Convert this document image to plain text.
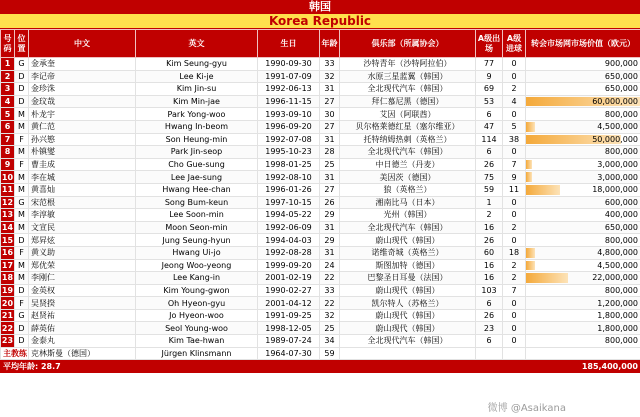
韩国
Korea Republic
号码	位置	中文	英文	生日	年龄	俱乐部（所属协会）	A级出场	A级进球	转会市场网市场价值（欧元）
1	G	金承奎	Kim Seung-gyu	1990-09-30	33	沙特青年（沙特阿拉伯）	77	0	900,000
2	D	李记帝	Lee Ki-je	1991-07-09	32	水原三星蓝翼（韩国）	9	0	650,000
3	D	金珍洙	Kim Jin-su	1992-06-13	31	全北现代汽车（韩国）	69	2	650,000
4	D	金玟哉	Kim Min-jae	1996-11-15	27	拜仁慕尼黑（德国）	53	4	60,000,000
5	M	朴龙宇	Park Yong-woo	1993-09-10	30	艾因（阿联酋）	6	0	800,000
6	M	黄仁范	Hwang In-beom	1996-09-20	27	贝尔格莱德红星（塞尔维亚）	47	5	4,500,000
7	F	孙兴慜	Son Heung-min	1992-07-08	31	托特纳姆热刺（英格兰）	114	38	50,000,000
8	M	朴镇燮	Park Jin-seop	1995-10-23	28	全北现代汽车（韩国）	6	0	800,000
9	F	曹圭成	Cho Gue-sung	1998-01-25	25	中日德兰（丹麦）	26	7	3,000,000
10	M	李在城	Lee Jae-sung	1992-08-10	31	美因茨（德国）	75	9	3,000,000
11	M	黄喜灿	Hwang Hee-chan	1996-01-26	27	狼（英格兰）	59	11	18,000,000
12	G	宋范根	Song Bum-keun	1997-10-15	26	湘南比马（日本）	1	0	600,000
13	M	李淳敏	Lee Soon-min	1994-05-22	29	光州（韩国）	2	0	400,000
14	M	文宣民	Moon Seon-min	1992-06-09	31	全北现代汽车（韩国）	16	2	650,000
15	D	郑昇炫	Jung Seung-hyun	1994-04-03	29	蔚山现代（韩国）	26	0	800,000
16	F	黄义助	Hwang Ui-jo	1992-08-28	31	诺维奇城（英格兰）	60	18	4,800,000
17	M	郑优荣	Jeong Woo-yeong	1999-09-20	24	斯图加特（德国）	16	2	4,500,000
18	M	李刚仁	Lee Kang-in	2001-02-19	22	巴黎圣日耳曼（法国）	16	2	22,000,000
19	D	金英权	Kim Young-gwon	1990-02-27	33	蔚山现代（韩国）	103	7	800,000
20	F	吴贤揆	Oh Hyeon-gyu	2001-04-12	22	凯尔特人（苏格兰）	6	0	1,200,000
21	G	赵贤祐	Jo Hyeon-woo	1991-09-25	32	蔚山现代（韩国）	26	0	1,800,000
22	D	薛英佑	Seol Young-woo	1998-12-05	25	蔚山现代（韩国）	23	0	1,800,000
23	D	金泰丸	Kim Tae-hwan	1989-07-24	34	全北现代汽车（韩国）	6	0	800,000
主教练		克林斯曼（德国）	Jürgen Klinsmann	1964-07-30	59				
平均年龄: 28.7									185,400,000
微博 @Asaikana
